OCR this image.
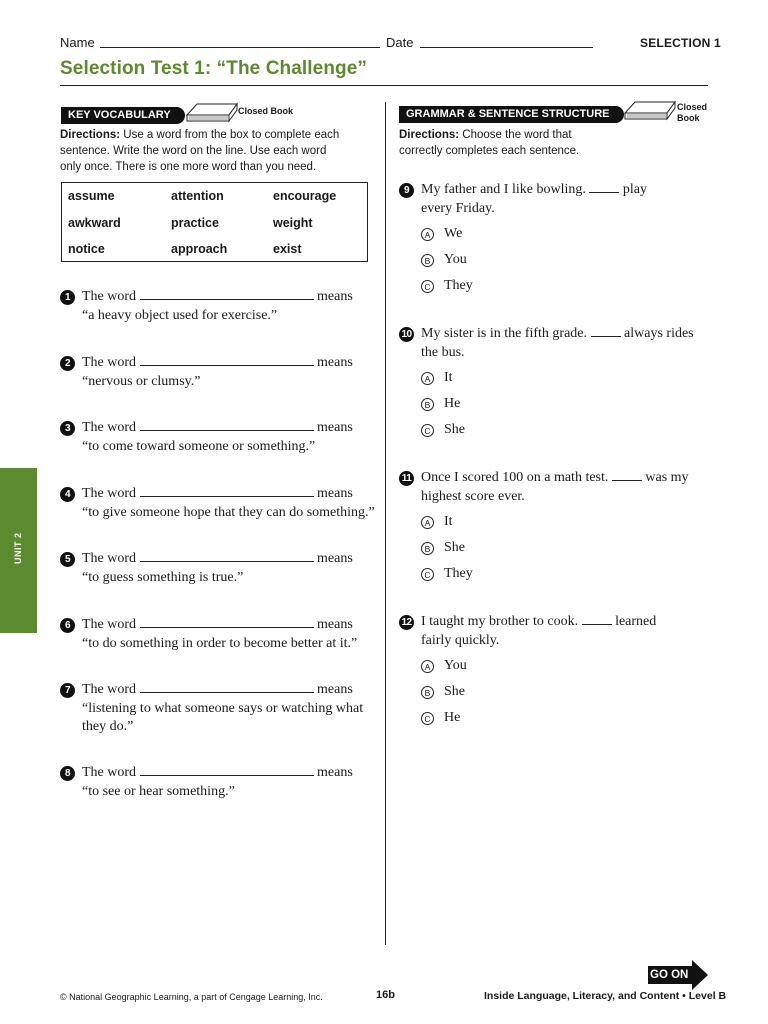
Name	Date	SELECTION 1
Selection Test 1: “The Challenge”
KEY VOCABULARY	Closed Book
Directions: Use a word from the box to complete each
sentence. Write the word on the line. Use each word
only once. There is one more word than you need.
assume	attention	encourage
awkward	practice	weight
notice	approach	exist
1 The word	means
“a heavy object used for exercise.”
2 The word	means
“nervous or clumsy.”
3 The word	means
“to come toward someone or something.”
4 The word	means
“to give someone hope that they can do something.”
5 The word	means
“to guess something is true.”
6 The word	means
“to do something in order to become better at it.”
7 The word	means
“listening to what someone says or watching what
they do.”
8 The word	means
“to see or hear something.”
GRAMMAR & SENTENCE STRUCTURE
Closed
Book
Directions: Choose the word that
correctly completes each sentence.
9 My father and I like bowling.	play
every Friday.
A We
B You
C They
10 My sister is in the fifth grade.	always rides
the bus.
A It
B He
C She
11 Once I scored 100 on a math test.	was my
highest score ever.
A It
B She
C They
12 I taught my brother to cook.	learned
fairly quickly.
A You
B She
C He
UNIT 2
GO ON
© National Geographic Learning, a part of Cengage Learning, Inc.	16b	Inside Language, Literacy, and Content • Level B
